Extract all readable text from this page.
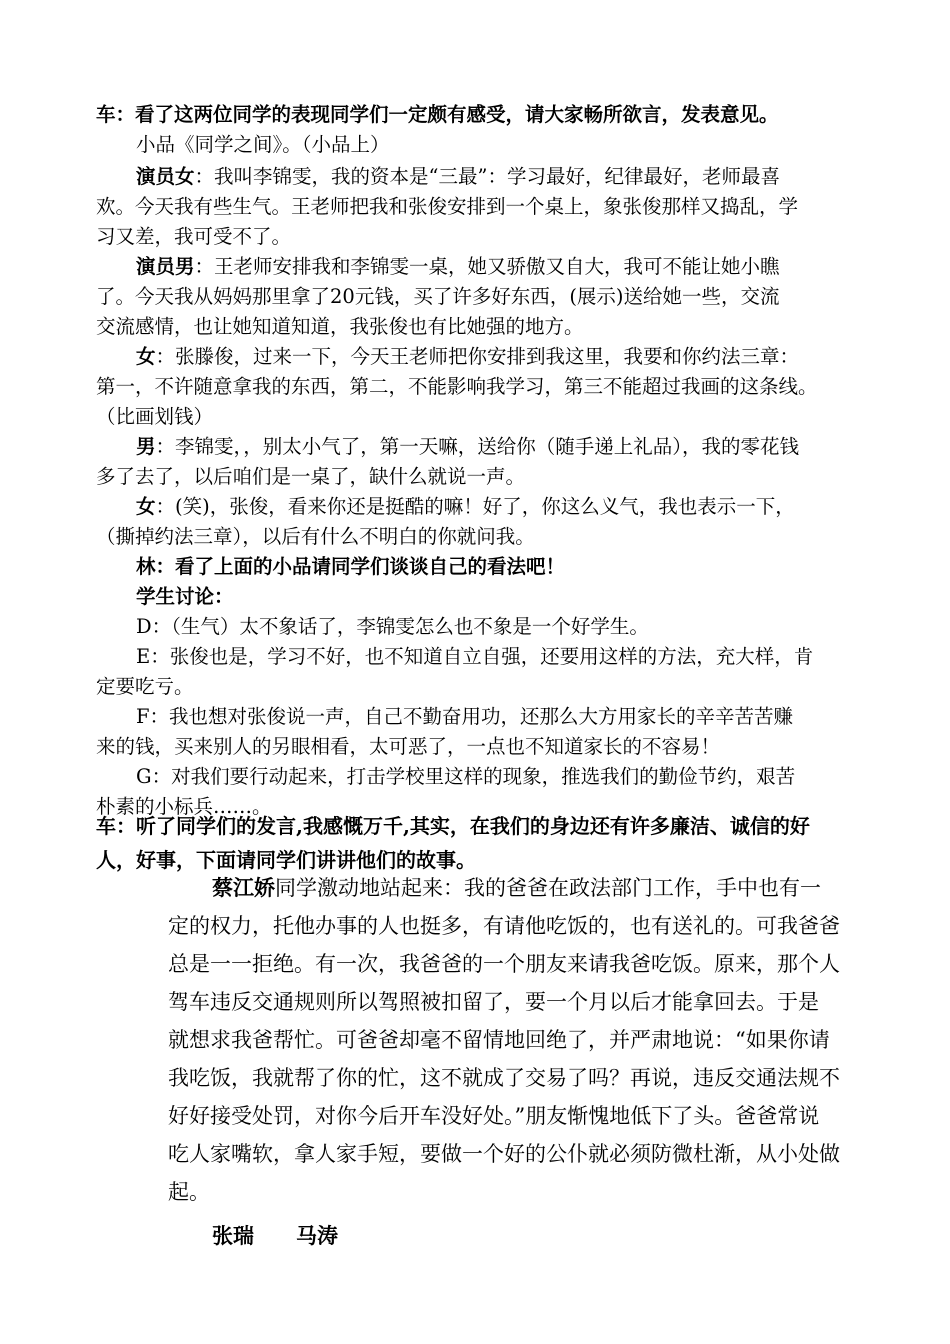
车：看了这两位同学的表现同学们一定颇有感受，请大家畅所欲言，发表意见。

小品《同学之间》。（小品上）

演员女：我叫李锦雯，我的资本是“三最”：学习最好，纪律最好，老师最喜

欢。今天我有些生气。王老师把我和张俊安排到一个桌上，象张俊那样又捣乱，学

习又差，我可受不了。

演员男：王老师安排我和李锦雯一桌，她又骄傲又自大，我可不能让她小瞧

了。今天我从妈妈那里拿了20元钱，买了许多好东西，(展示)送给她一些，交流

交流感情，也让她知道知道，我张俊也有比她强的地方。

女：张滕俊，过来一下，今天王老师把你安排到我这里，我要和你约法三章：

第一，不许随意拿我的东西，第二，不能影响我学习，第三不能超过我画的这条线。

（比画划钱）

男：李锦雯，，别太小气了，第一天嘛，送给你（随手递上礼品），我的零花钱

多了去了，以后咱们是一桌了，缺什么就说一声。

女：(笑)，张俊，看来你还是挺酷的嘛！好了，你这么义气，我也表示一下，

（撕掉约法三章），以后有什么不明白的你就问我。

林：看了上面的小品请同学们谈谈自己的看法吧！

学生讨论：

D：（生气）太不象话了，李锦雯怎么也不象是一个好学生。

E：张俊也是，学习不好，也不知道自立自强，还要用这样的方法，充大样，肯

定要吃亏。

F：我也想对张俊说一声，自己不勤奋用功，还那么大方用家长的辛辛苦苦赚

来的钱，买来别人的另眼相看，太可恶了，一点也不知道家长的不容易！

G：对我们要行动起来，打击学校里这样的现象，推选我们的勤俭节约，艰苦

朴素的小标兵……。

车：听了同学们的发言,我感慨万千,其实，在我们的身边还有许多廉洁、诚信的好

人，好事，下面请同学们讲讲他们的故事。

蔡江娇同学激动地站起来：我的爸爸在政法部门工作，手中也有一

定的权力，托他办事的人也挺多，有请他吃饭的，也有送礼的。可我爸爸

总是一一拒绝。有一次，我爸爸的一个朋友来请我爸吃饭。原来，那个人

驾车违反交通规则所以驾照被扣留了，要一个月以后才能拿回去。于是

就想求我爸帮忙。可爸爸却毫不留情地回绝了，并严肃地说：“如果你请

我吃饭，我就帮了你的忙，这不就成了交易了吗？再说，违反交通法规不

好好接受处罚，对你今后开车没好处。”朋友惭愧地低下了头。爸爸常说

吃人家嘴软，拿人家手短，要做一个好的公仆就必须防微杜渐，从小处做

起。

张瑞　　马涛
